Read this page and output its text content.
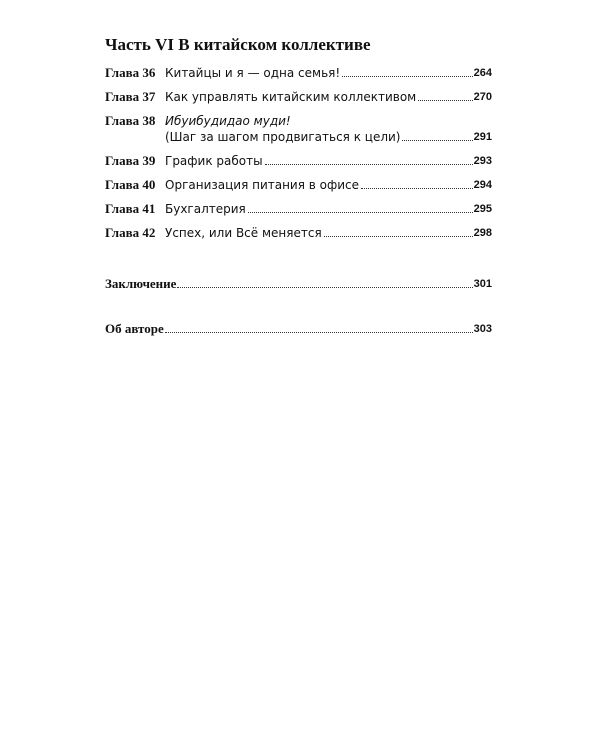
Часть VI В китайском коллективе
Глава 36 Китайцы и я — одна семья!	264
Глава 37 Как управлять китайским коллективом	270
Глава 38 Ибуибудидао муди!
(Шаг за шагом продвигаться к цели)	291
Глава 39 График работы	293
Глава 40 Организация питания в офисе	294
Глава 41 Бухгалтерия	295
Глава 42 Успех, или Всё меняется	298
Заключение	301
Об авторе	303
